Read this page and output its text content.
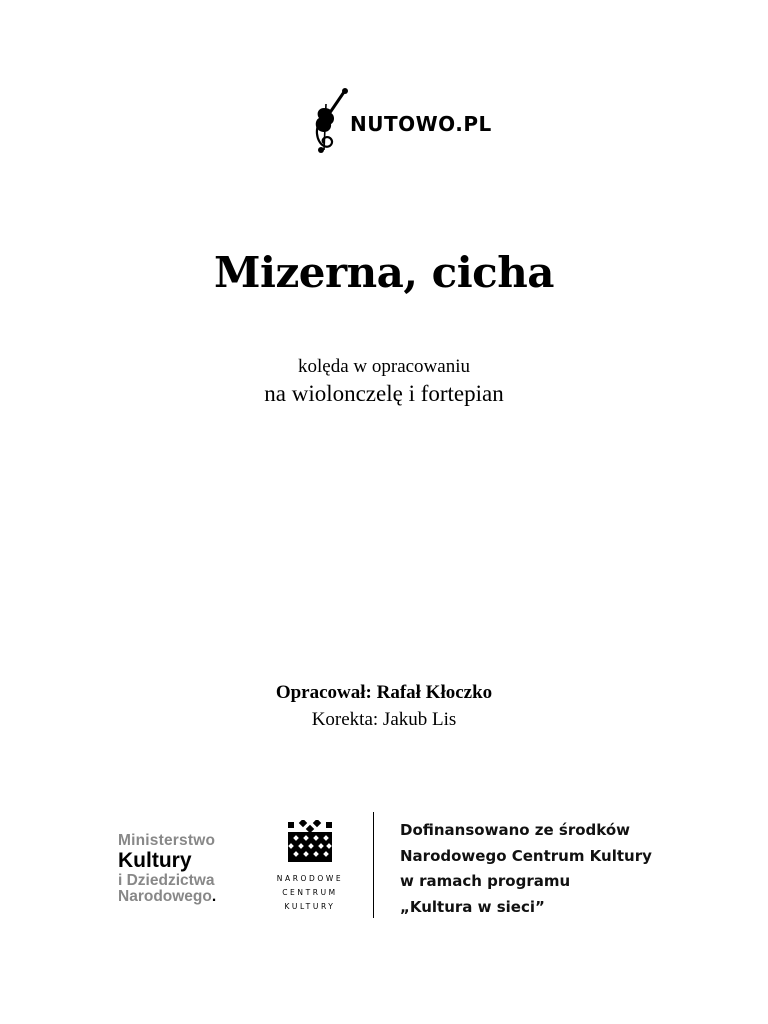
NUTOWO.PL
Mizerna, cicha
kolęda w opracowaniu
na wiolonczelę i fortepian
Opracował: Rafał Kłoczko
Korekta: Jakub Lis
Ministerstwo
Kultury
i Dziedzictwa
Narodowego.
NARODOWE
CENTRUM
KULTURY
Dofinansowano ze środków
Narodowego Centrum Kultury
w ramach programu
„Kultura w sieci”
